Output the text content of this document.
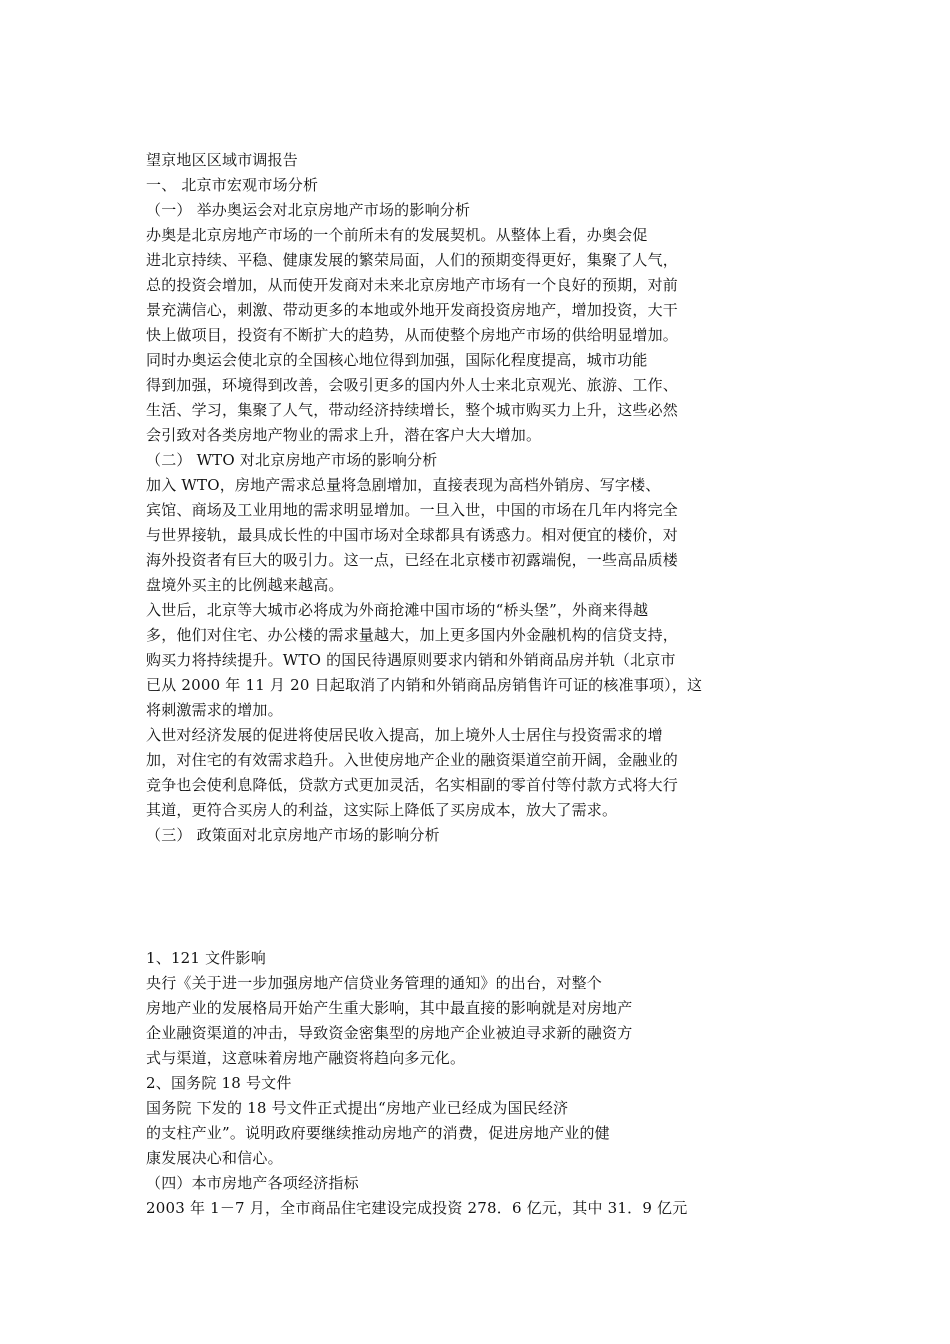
望京地区区域市调报告
一、 北京市宏观市场分析
（一） 举办奥运会对北京房地产市场的影响分析
办奥是北京房地产市场的一个前所未有的发展契机。从整体上看，办奥会促
进北京持续、平稳、健康发展的繁荣局面，人们的预期变得更好，集聚了人气，
总的投资会增加，从而使开发商对未来北京房地产市场有一个良好的预期，对前
景充满信心，刺激、带动更多的本地或外地开发商投资房地产，增加投资，大干
快上做项目，投资有不断扩大的趋势，从而使整个房地产市场的供给明显增加。
同时办奥运会使北京的全国核心地位得到加强，国际化程度提高，城市功能
得到加强，环境得到改善，会吸引更多的国内外人士来北京观光、旅游、工作、
生活、学习，集聚了人气，带动经济持续增长，整个城市购买力上升，这些必然
会引致对各类房地产物业的需求上升，潜在客户大大增加。
（二） WTO 对北京房地产市场的影响分析
加入 WTO，房地产需求总量将急剧增加，直接表现为高档外销房、写字楼、
宾馆、商场及工业用地的需求明显增加。一旦入世，中国的市场在几年内将完全
与世界接轨，最具成长性的中国市场对全球都具有诱惑力。相对便宜的楼价，对
海外投资者有巨大的吸引力。这一点，已经在北京楼市初露端倪，一些高品质楼
盘境外买主的比例越来越高。
入世后，北京等大城市必将成为外商抢滩中国市场的“桥头堡”，外商来得越
多，他们对住宅、办公楼的需求量越大，加上更多国内外金融机构的信贷支持，
购买力将持续提升。WTO 的国民待遇原则要求内销和外销商品房并轨（北京市
已从 2000 年 11 月 20 日起取消了内销和外销商品房销售许可证的核准事项），这
将刺激需求的增加。
入世对经济发展的促进将使居民收入提高，加上境外人士居住与投资需求的增
加，对住宅的有效需求趋升。入世使房地产企业的融资渠道空前开阔，金融业的
竞争也会使利息降低，贷款方式更加灵活，名实相副的零首付等付款方式将大行
其道，更符合买房人的利益，这实际上降低了买房成本，放大了需求。
（三） 政策面对北京房地产市场的影响分析
1、121 文件影响
央行《关于进一步加强房地产信贷业务管理的通知》的出台，对整个
房地产业的发展格局开始产生重大影响，其中最直接的影响就是对房地产
企业融资渠道的冲击，导致资金密集型的房地产企业被迫寻求新的融资方
式与渠道，这意味着房地产融资将趋向多元化。
2、国务院 18 号文件
国务院 下发的 18 号文件正式提出“房地产业已经成为国民经济
的支柱产业”。说明政府要继续推动房地产的消费，促进房地产业的健
康发展决心和信心。
（四）本市房地产各项经济指标
2003 年 1－7 月，全市商品住宅建设完成投资 278．6 亿元，其中 31．9 亿元
